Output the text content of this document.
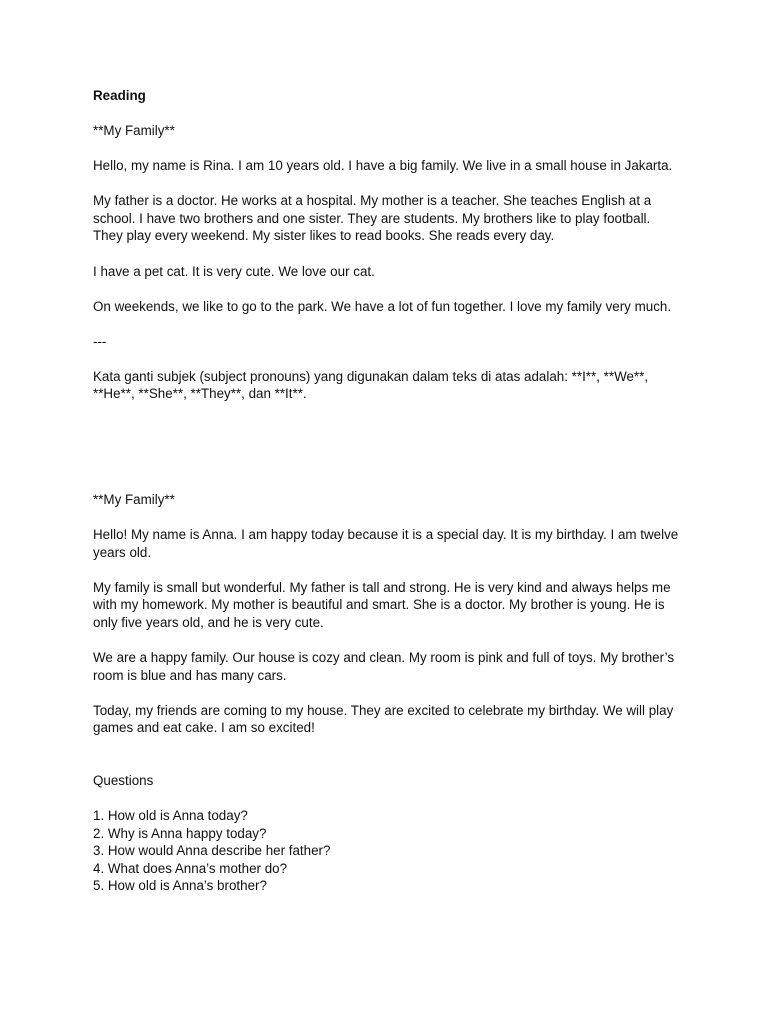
Reading

**My Family**

Hello, my name is Rina. I am 10 years old. I have a big family. We live in a small house in Jakarta.

My father is a doctor. He works at a hospital. My mother is a teacher. She teaches English at a school. I have two brothers and one sister. They are students. My brothers like to play football. They play every weekend. My sister likes to read books. She reads every day.

I have a pet cat. It is very cute. We love our cat.

On weekends, we like to go to the park. We have a lot of fun together. I love my family very much.

---

Kata ganti subjek (subject pronouns) yang digunakan dalam teks di atas adalah: **I**, **We**, **He**, **She**, **They**, dan **It**.

**My Family**

Hello! My name is Anna. I am happy today because it is a special day. It is my birthday. I am twelve years old.

My family is small but wonderful. My father is tall and strong. He is very kind and always helps me with my homework. My mother is beautiful and smart. She is a doctor. My brother is young. He is only five years old, and he is very cute.

We are a happy family. Our house is cozy and clean. My room is pink and full of toys. My brother’s room is blue and has many cars.

Today, my friends are coming to my house. They are excited to celebrate my birthday. We will play games and eat cake. I am so excited!

Questions

1. How old is Anna today?
2. Why is Anna happy today?
3. How would Anna describe her father?
4. What does Anna’s mother do?
5. How old is Anna’s brother?
